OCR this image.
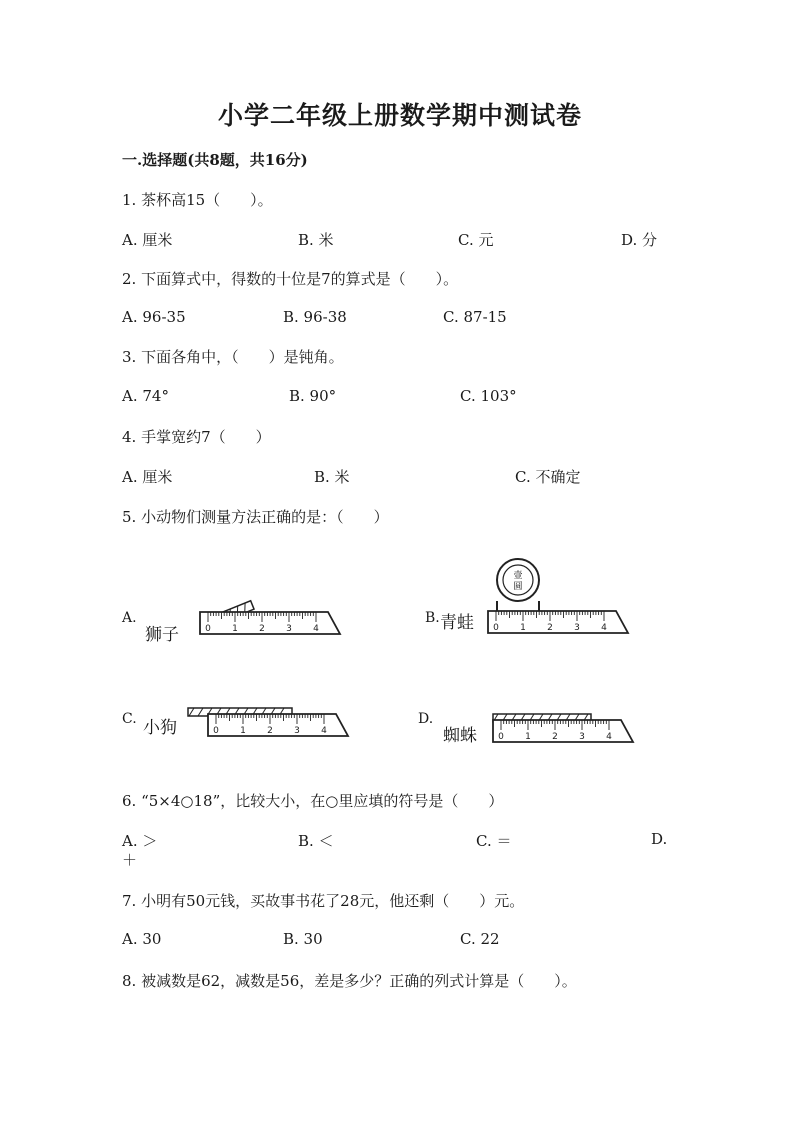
小学二年级上册数学期中测试卷
一.选择题(共8题，共16分)
1. 茶杯高15（　　）。
A. 厘米	B. 米	C. 元	D. 分
2. 下面算式中，得数的十位是7的算式是（　　）。
A. 96-35	B. 96-38	C. 87-15
3. 下面各角中，（　　）是钝角。
A. 74°	B. 90°	C. 103°
4. 手掌宽约7（　　）
A. 厘米	B. 米	C. 不确定
5. 小动物们测量方法正确的是：（　　）
A.
狮子	0 1 2 3 4
B. 青蛙
壹
圆
0 1 2 3 4
C. 小狗	0 1 2 3 4
D.
蜘蛛 0 1 2 3 4
6. “5×4○18”，比较大小，在○里应填的符号是（　　）
A. ＞	B. ＜	C. ＝	D.
＋
7. 小明有50元钱，买故事书花了28元，他还剩（　　）元。
A. 30	B. 30	C. 22
8. 被减数是62，减数是56，差是多少？正确的列式计算是（　　）。
